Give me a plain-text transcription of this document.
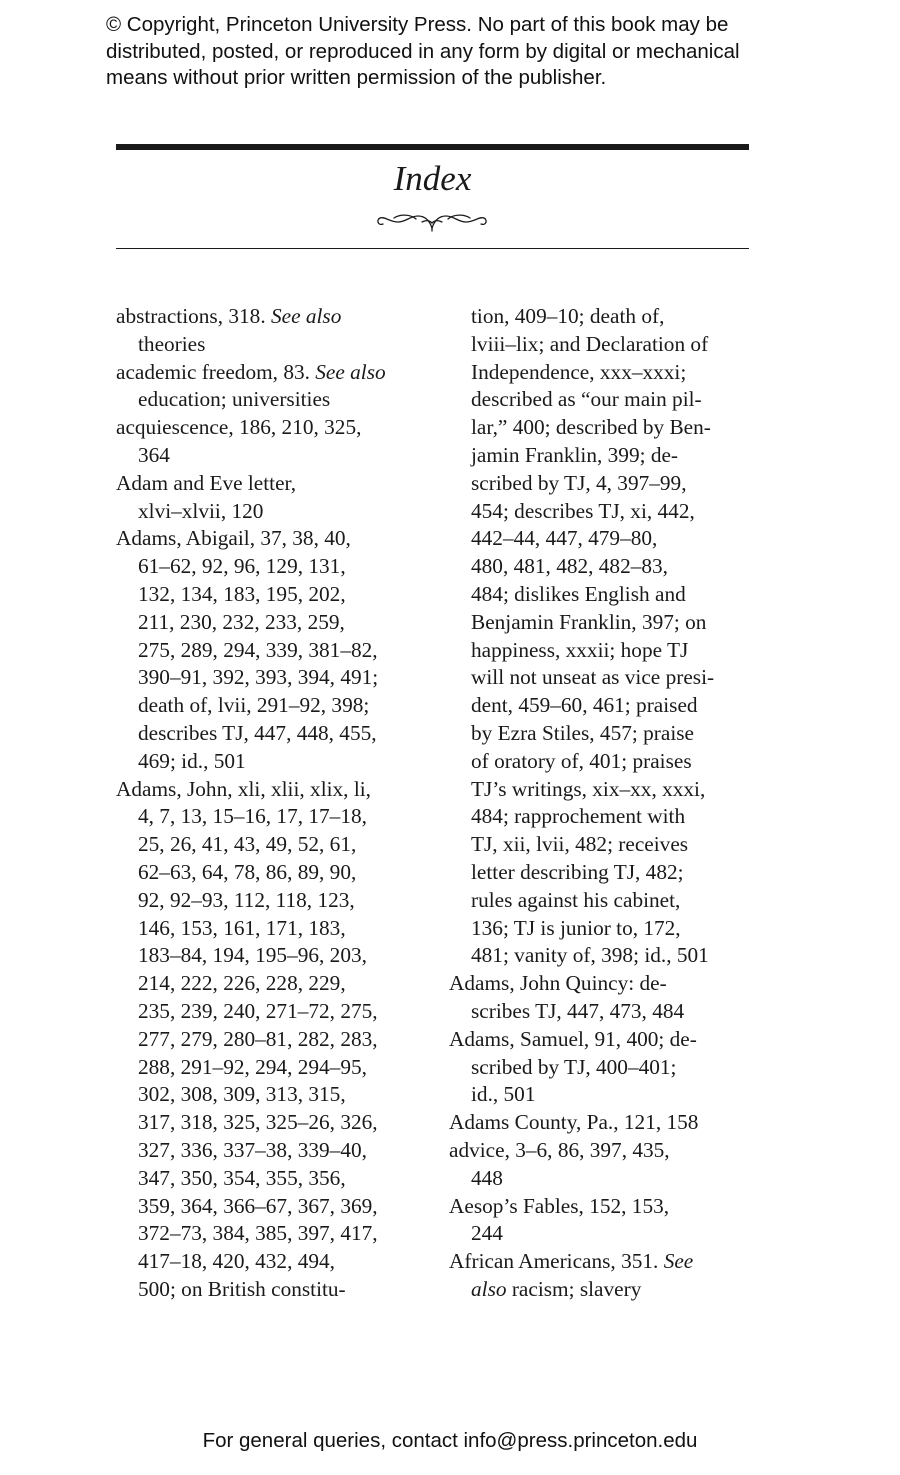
© Copyright, Princeton University Press. No part of this book may be
distributed, posted, or reproduced in any form by digital or mechanical
means without prior written permission of the publisher.
Index
abstractions, 318. See also
theories
academic freedom, 83. See also
education; universities
acquiescence, 186, 210, 325,
364
Adam and Eve letter,
xlvi–xlvii, 120
Adams, Abigail, 37, 38, 40,
61–62, 92, 96, 129, 131,
132, 134, 183, 195, 202,
211, 230, 232, 233, 259,
275, 289, 294, 339, 381–82,
390–91, 392, 393, 394, 491;
death of, lvii, 291–92, 398;
describes TJ, 447, 448, 455,
469; id., 501
Adams, John, xli, xlii, xlix, li,
4, 7, 13, 15–16, 17, 17–18,
25, 26, 41, 43, 49, 52, 61,
62–63, 64, 78, 86, 89, 90,
92, 92–93, 112, 118, 123,
146, 153, 161, 171, 183,
183–84, 194, 195–96, 203,
214, 222, 226, 228, 229,
235, 239, 240, 271–72, 275,
277, 279, 280–81, 282, 283,
288, 291–92, 294, 294–95,
302, 308, 309, 313, 315,
317, 318, 325, 325–26, 326,
327, 336, 337–38, 339–40,
347, 350, 354, 355, 356,
359, 364, 366–67, 367, 369,
372–73, 384, 385, 397, 417,
417–18, 420, 432, 494,
500; on British constitu-
tion, 409–10; death of,
lviii–lix; and Declaration of
Independence, xxx–xxxi;
described as “our main pil-
lar,” 400; described by Ben-
jamin Franklin, 399; de-
scribed by TJ, 4, 397–99,
454; describes TJ, xi, 442,
442–44, 447, 479–80,
480, 481, 482, 482–83,
484; dislikes English and
Benjamin Franklin, 397; on
happiness, xxxii; hope TJ
will not unseat as vice presi-
dent, 459–60, 461; praised
by Ezra Stiles, 457; praise
of oratory of, 401; praises
TJ’s writings, xix–xx, xxxi,
484; rapprochement with
TJ, xii, lvii, 482; receives
letter describing TJ, 482;
rules against his cabinet,
136; TJ is junior to, 172,
481; vanity of, 398; id., 501
Adams, John Quincy: de-
scribes TJ, 447, 473, 484
Adams, Samuel, 91, 400; de-
scribed by TJ, 400–401;
id., 501
Adams County, Pa., 121, 158
advice, 3–6, 86, 397, 435,
448
Aesop’s Fables, 152, 153,
244
African Americans, 351. See
also racism; slavery
For general queries, contact info@press.princeton.edu
